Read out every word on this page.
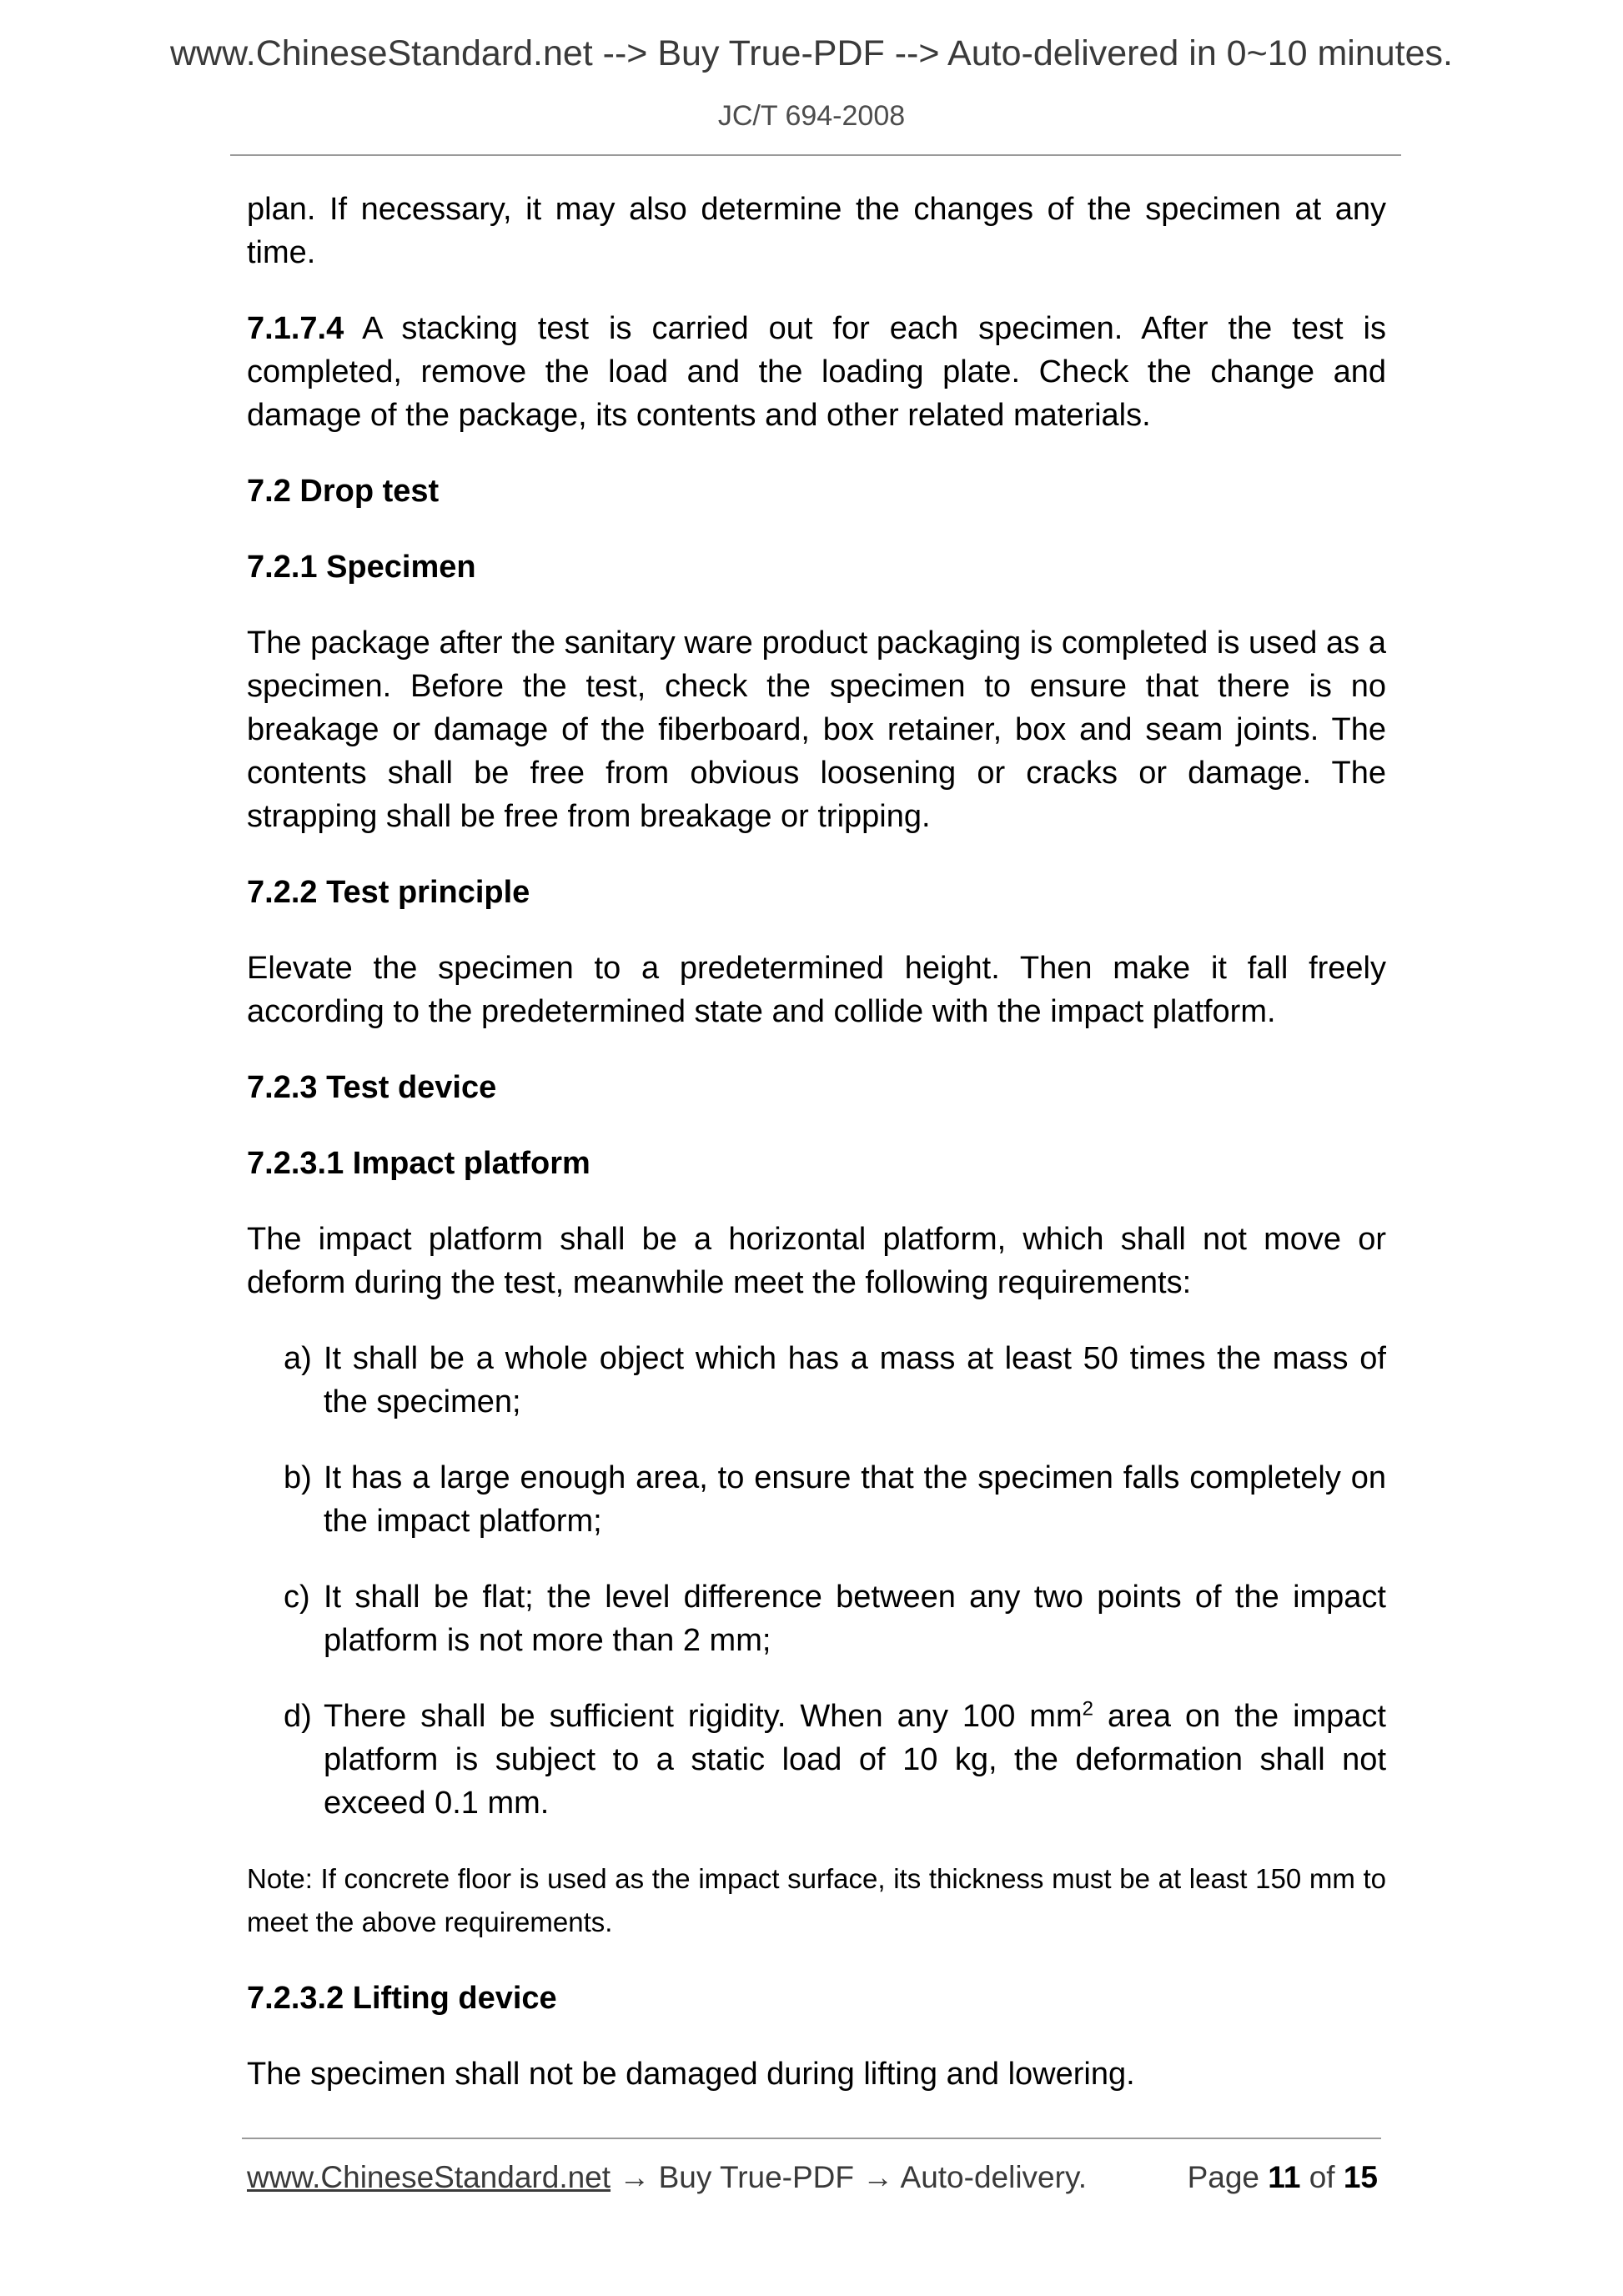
www.ChineseStandard.net --> Buy True-PDF --> Auto-delivered in 0~10 minutes.
JC/T 694-2008

plan. If necessary, it may also determine the changes of the specimen at any time.

7.1.7.4 A stacking test is carried out for each specimen. After the test is completed, remove the load and the loading plate. Check the change and damage of the package, its contents and other related materials.

7.2 Drop test
7.2.1 Specimen

The package after the sanitary ware product packaging is completed is used as a specimen. Before the test, check the specimen to ensure that there is no breakage or damage of the fiberboard, box retainer, box and seam joints. The contents shall be free from obvious loosening or cracks or damage. The strapping shall be free from breakage or tripping.

7.2.2 Test principle

Elevate the specimen to a predetermined height. Then make it fall freely according to the predetermined state and collide with the impact platform.

7.2.3 Test device
7.2.3.1 Impact platform

The impact platform shall be a horizontal platform, which shall not move or deform during the test, meanwhile meet the following requirements:

a) It shall be a whole object which has a mass at least 50 times the mass of the specimen;
b) It has a large enough area, to ensure that the specimen falls completely on the impact platform;
c) It shall be flat; the level difference between any two points of the impact platform is not more than 2 mm;
d) There shall be sufficient rigidity. When any 100 $mm^2$ area on the impact platform is subject to a static load of 10 kg, the deformation shall not exceed 0.1 mm.

Note: If concrete floor is used as the impact surface, its thickness must be at least 150 mm to meet the above requirements.

7.2.3.2 Lifting device

The specimen shall not be damaged during lifting and lowering.

www.ChineseStandard.net → Buy True-PDF → Auto-delivery.	Page 11 of 15
